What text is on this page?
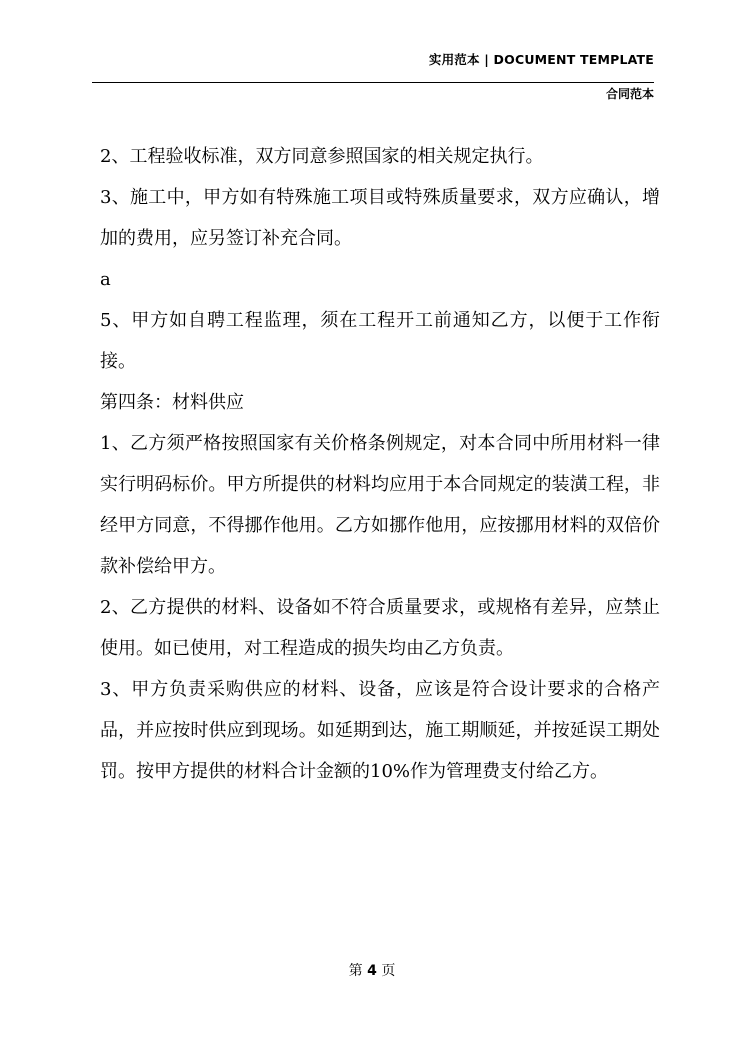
实用范本 | DOCUMENT TEMPLATE
合同范本

2、工程验收标准，双方同意参照国家的相关规定执行。

3、施工中，甲方如有特殊施工项目或特殊质量要求，双方应确认，增加的费用，应另签订补充合同。

a

5、甲方如自聘工程监理，须在工程开工前通知乙方，以便于工作衔接。

第四条：材料供应

1、乙方须严格按照国家有关价格条例规定，对本合同中所用材料一律实行明码标价。甲方所提供的材料均应用于本合同规定的装潢工程，非经甲方同意，不得挪作他用。乙方如挪作他用，应按挪用材料的双倍价款补偿给甲方。

2、乙方提供的材料、设备如不符合质量要求，或规格有差异，应禁止使用。如已使用，对工程造成的损失均由乙方负责。

3、甲方负责采购供应的材料、设备，应该是符合设计要求的合格产品，并应按时供应到现场。如延期到达，施工期顺延，并按延误工期处罚。按甲方提供的材料合计金额的10%作为管理费支付给乙方。

第 4 页
